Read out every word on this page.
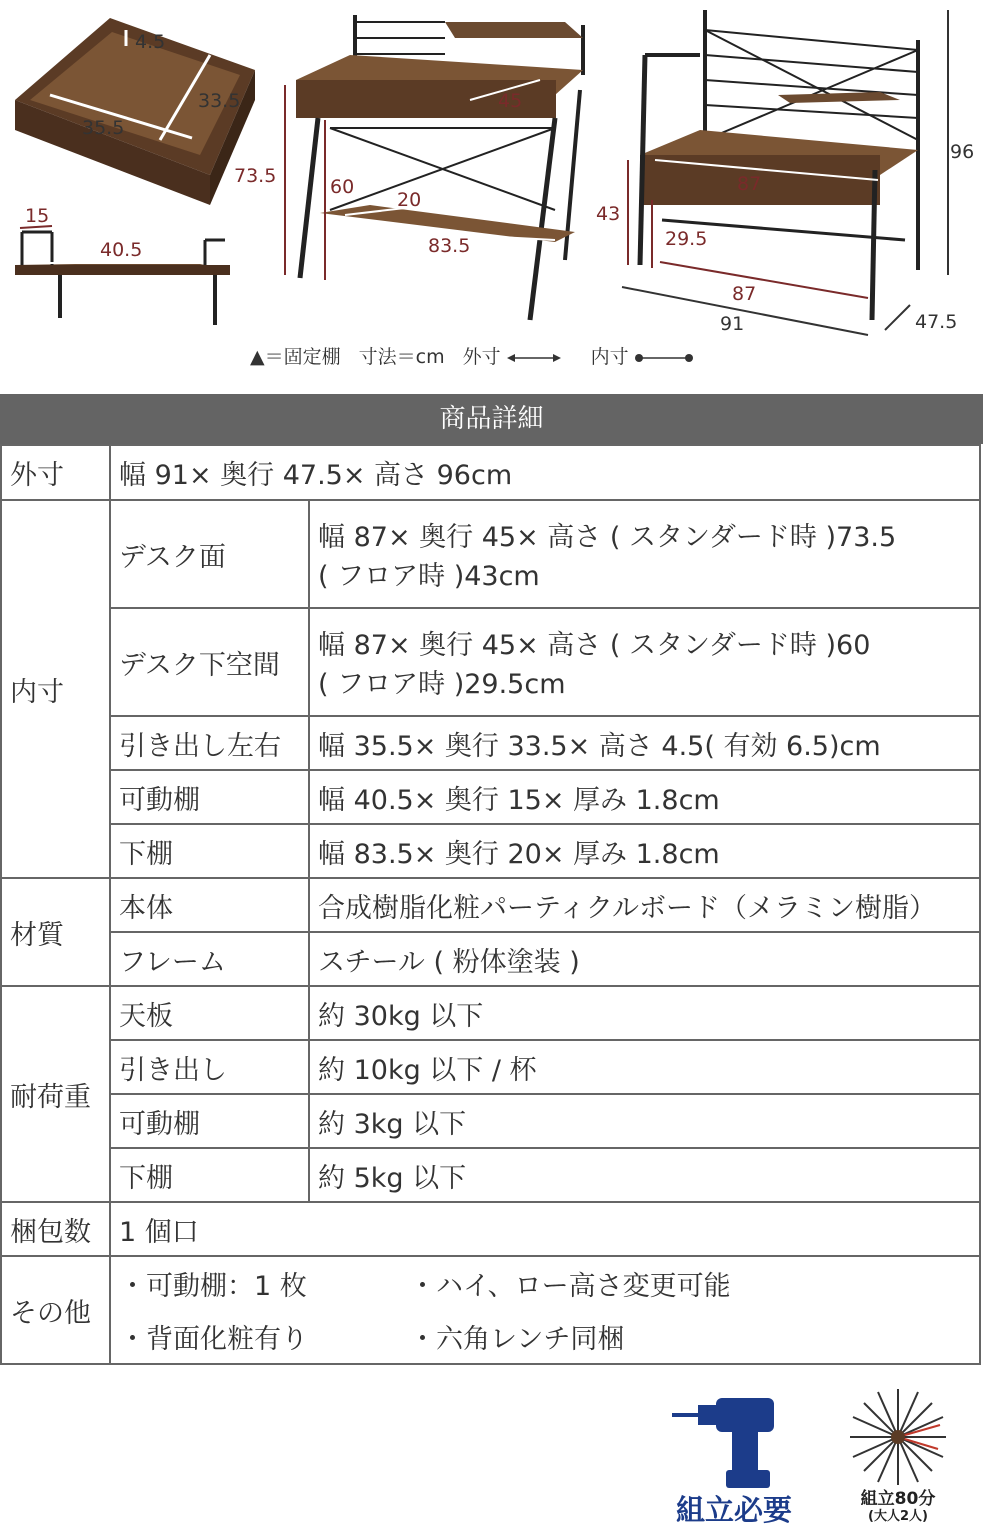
4.5
33.5
35.5
15
40.5
73.5
45
60
20
83.5
87
43
29.5
87
96
91	47.5
▲＝固定棚 寸法＝cm 外寸	内寸
商品詳細
外寸	幅 91× 奥行 47.5× 高さ 96cm	
内寸	デスク面	幅 87× 奥行 45× 高さ ( スタンダード時 )73.5
( フロア時 )43cm

	デスク下空間	幅 87× 奥行 45× 高さ ( スタンダード時 )60
( フロア時 )29.5cm

	引き出し左右	幅 35.5× 奥行 33.5× 高さ 4.5( 有効 6.5)cm
	可動棚	幅 40.5× 奥行 15× 厚み 1.8cm
	下棚	幅 83.5× 奥行 20× 厚み 1.8cm
材質	本体	合成樹脂化粧パーティクルボード（メラミン樹脂）
	フレーム	スチール ( 粉体塗装 )
耐荷重	天板	約 30kg 以下
	引き出し	約 10kg 以下 / 杯
	可動棚	約 3kg 以下
	下棚	約 5kg 以下
梱包数	1 個口	
その他	・可動棚：1 枚 ・ハイ、ロー高さ変更可能
・背面化粧有り ・六角レンチ同梱	
組立必要	組立80分
(大人2人)
